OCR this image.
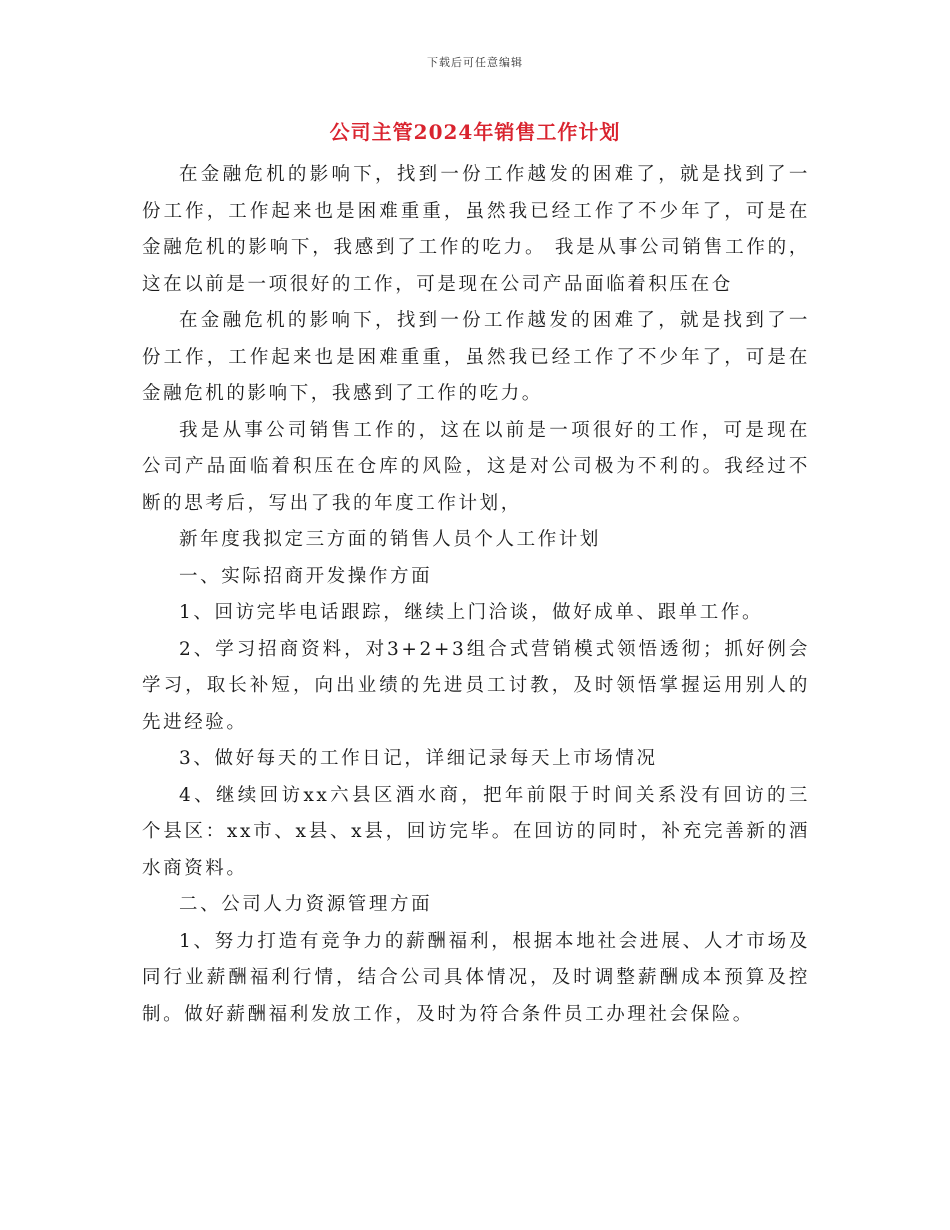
下载后可任意编辑
公司主管2024年销售工作计划

在金融危机的影响下，找到一份工作越发的困难了，就是找到了一份工作，工作起来也是困难重重，虽然我已经工作了不少年了，可是在金融危机的影响下，我感到了工作的吃力。 我是从事公司销售工作的，这在以前是一项很好的工作，可是现在公司产品面临着积压在仓

在金融危机的影响下，找到一份工作越发的困难了，就是找到了一份工作，工作起来也是困难重重，虽然我已经工作了不少年了，可是在金融危机的影响下，我感到了工作的吃力。

我是从事公司销售工作的，这在以前是一项很好的工作，可是现在公司产品面临着积压在仓库的风险，这是对公司极为不利的。我经过不断的思考后，写出了我的年度工作计划，

新年度我拟定三方面的销售人员个人工作计划

一、实际招商开发操作方面

1、回访完毕电话跟踪，继续上门洽谈，做好成单、跟单工作。

2、学习招商资料，对3+2+3组合式营销模式领悟透彻；抓好例会学习，取长补短，向出业绩的先进员工讨教，及时领悟掌握运用别人的先进经验。

3、做好每天的工作日记，详细记录每天上市场情况

4、继续回访xx六县区酒水商，把年前限于时间关系没有回访的三个县区：xx市、x县、x县，回访完毕。在回访的同时，补充完善新的酒水商资料。

二、公司人力资源管理方面

1、努力打造有竞争力的薪酬福利，根据本地社会进展、人才市场及同行业薪酬福利行情，结合公司具体情况，及时调整薪酬成本预算及控制。做好薪酬福利发放工作，及时为符合条件员工办理社会保险。
